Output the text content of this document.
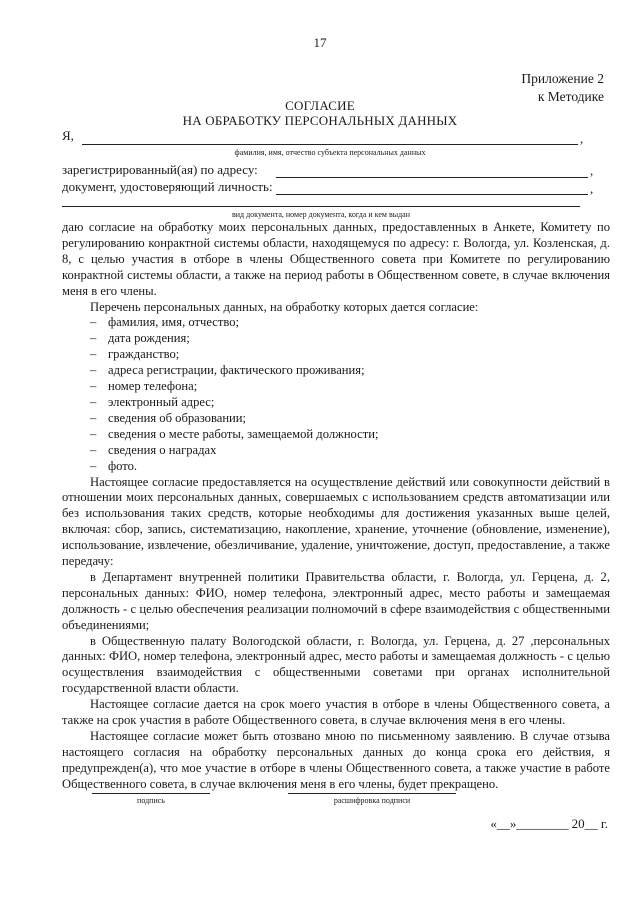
17
Приложение 2
к Методике
СОГЛАСИЕ
НА ОБРАБОТКУ ПЕРСОНАЛЬНЫХ ДАННЫХ
Я,	,
фамилия, имя, отчество субъекта персональных данных
зарегистрированный(ая) по адресу:	,
документ, удостоверяющий личность:	,
вид документа, номер документа, когда и кем выдан

даю согласие на обработку моих персональных данных, предоставленных в Анкете, Комитету по регулированию конрактной системы области, находящемуся по адресу: г. Вологда, ул. Козленская, д. 8, с целью участия в отборе в члены Общественного совета при Комитете по регулированию конрактной системы области, а также на период работы в Общественном совете, в случае включения меня в его члены.

Перечень персональных данных, на обработку которых дается согласие:

– фамилия, имя, отчество;
– дата рождения;
– гражданство;
– адреса регистрации, фактического проживания;
– номер телефона;
– электронный адрес;
– сведения об образовании;
– сведения о месте работы, замещаемой должности;
– сведения о наградах
– фото.

Настоящее согласие предоставляется на осуществление действий или совокупности действий в отношении моих персональных данных, совершаемых с использованием средств автоматизации или без использования таких средств, которые необходимы для достижения указанных выше целей, включая: сбор, запись, систематизацию, накопление, хранение, уточнение (обновление, изменение), использование, извлечение, обезличивание, удаление, уничтожение, доступ, предоставление, а также передачу:

в Департамент внутренней политики Правительства области, г. Вологда, ул. Герцена, д. 2, персональных данных: ФИО, номер телефона, электронный адрес, место работы и замещаемая должность - с целью обеспечения реализации полномочий в сфере взаимодействия с общественными объединениями;

в Общественную палату Вологодской области, г. Вологда, ул. Герцена, д. 27 ,персональных данных: ФИО, номер телефона, электронный адрес, место работы и замещаемая должность - с целью осуществления взаимодействия с общественными советами при органах исполнительной государственной власти области.

Настоящее согласие дается на срок моего участия в отборе в члены Общественного совета, а также на срок участия в работе Общественного совета, в случае включения меня в его члены.

Настоящее согласие может быть отозвано мною по письменному заявлению. В случае отзыва настоящего согласия на обработку персональных данных до конца срока его действия, я предупрежден(а), что мое участие в отборе в члены Общественного совета, а также участие в работе Общественного совета, в случае включения меня в его члены, будет прекращено.

подпись	расшифровка подписи
«__»________ 20__ г.
